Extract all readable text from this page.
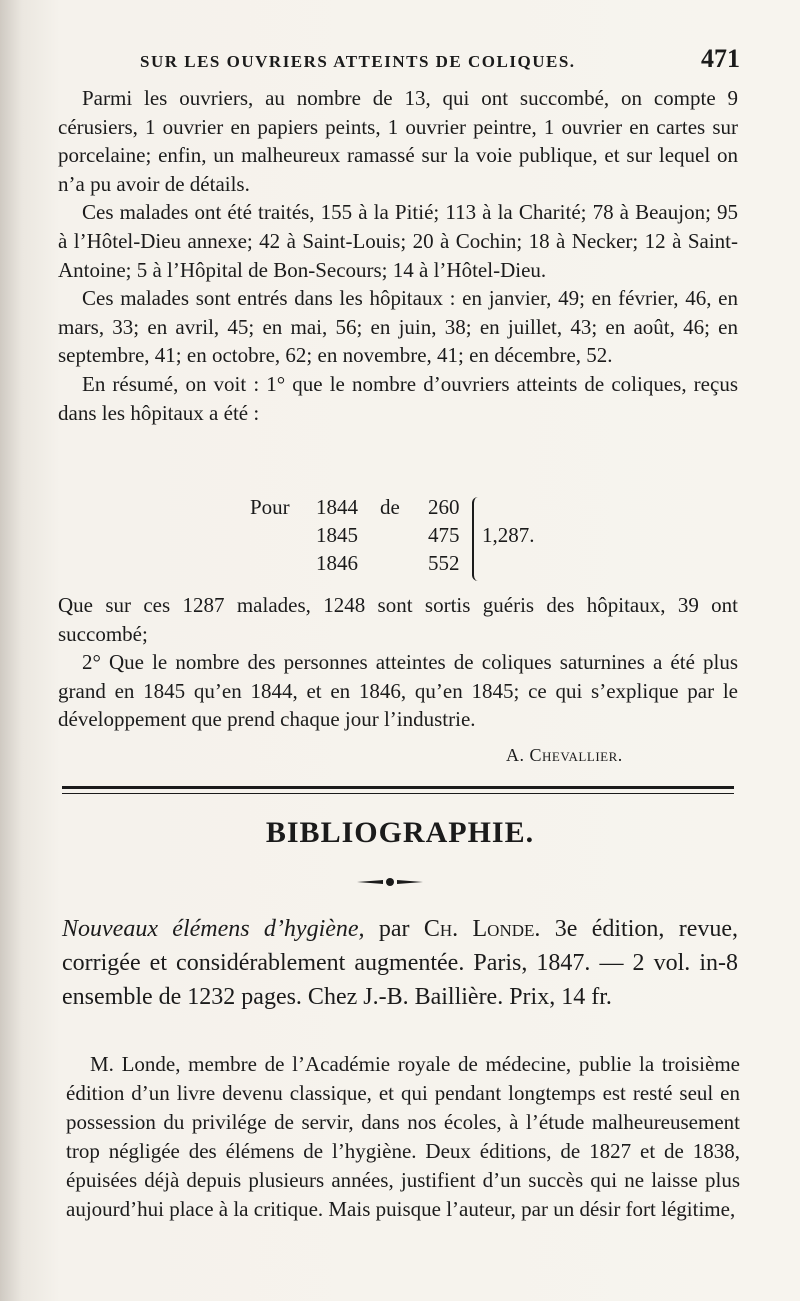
SUR LES OUVRIERS ATTEINTS DE COLIQUES.	471

Parmi les ouvriers, au nombre de 13, qui ont succombé, on compte 9 cérusiers, 1 ouvrier en papiers peints, 1 ouvrier peintre, 1 ouvrier en cartes sur porcelaine; enfin, un malheureux ramassé sur la voie publique, et sur lequel on n’a pu avoir de détails.

Ces malades ont été traités, 155 à la Pitié; 113 à la Charité; 78 à Beaujon; 95 à l’Hôtel-Dieu annexe; 42 à Saint-Louis; 20 à Cochin; 18 à Necker; 12 à Saint-Antoine; 5 à l’Hôpital de Bon-Secours; 14 à l’Hôtel-Dieu.

Ces malades sont entrés dans les hôpitaux : en janvier, 49; en février, 46, en mars, 33; en avril, 45; en mai, 56; en juin, 38; en juillet, 43; en août, 46; en septembre, 41; en octobre, 62; en novembre, 41; en décembre, 52.

En résumé, on voit : 1° que le nombre d’ouvriers atteints de coliques, reçus dans les hôpitaux a été :

Pour 1844 de 260
1845	475
1846	552
1,287.

Que sur ces 1287 malades, 1248 sont sortis guéris des hôpitaux, 39 ont succombé;

2° Que le nombre des personnes atteintes de coliques saturnines a été plus grand en 1845 qu’en 1844, et en 1846, qu’en 1845; ce qui s’explique par le développement que prend chaque jour l’industrie.

A. Chevallier.
BIBLIOGRAPHIE.

Nouveaux élémens d’hygiène, par Ch. Londe. 3e édition, revue, corrigée et considérablement augmentée. Paris, 1847. — 2 vol. in-8 ensemble de 1232 pages. Chez J.-B. Baillière. Prix, 14 fr.

M. Londe, membre de l’Académie royale de médecine, publie la troisième édition d’un livre devenu classique, et qui pendant longtemps est resté seul en possession du privilége de servir, dans nos écoles, à l’étude malheureusement trop négligée des élémens de l’hygiène. Deux éditions, de 1827 et de 1838, épuisées déjà depuis plusieurs années, justifient d’un succès qui ne laisse plus aujourd’hui place à la critique. Mais puisque l’auteur, par un désir fort légitime,
